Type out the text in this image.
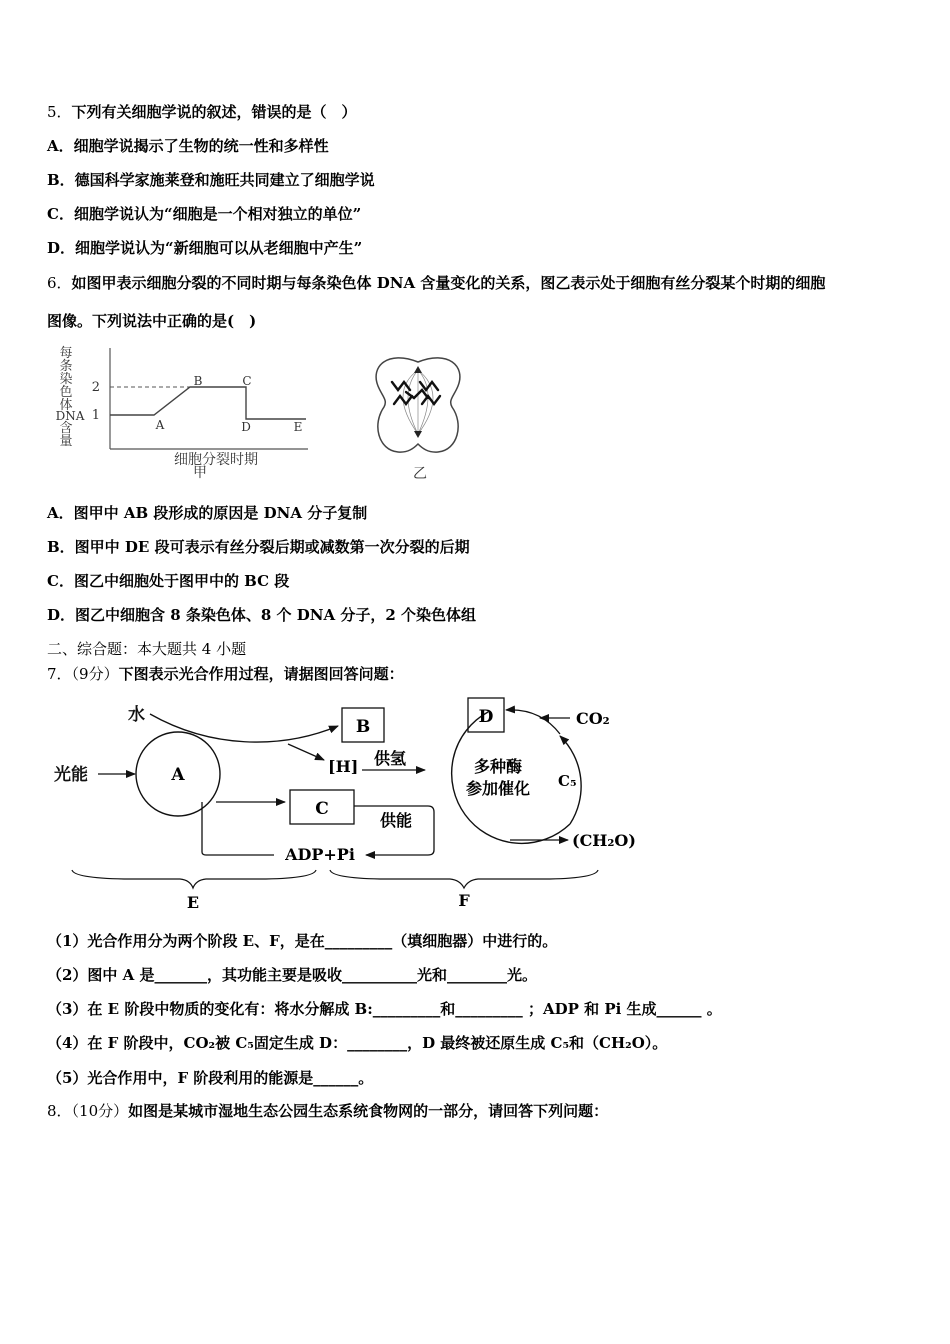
5．下列有关细胞学说的叙述，错误的是（　）
A．细胞学说揭示了生物的统一性和多样性
B．德国科学家施莱登和施旺共同建立了细胞学说
C．细胞学说认为“细胞是一个相对独立的单位”
D．细胞学说认为“新细胞可以从老细胞中产生”
6．如图甲表示细胞分裂的不同时期与每条染色体 DNA 含量变化的关系，图乙表示处于细胞有丝分裂某个时期的细胞
图像。下列说法中正确的是(　)
每
条
染
色
体
DNA
含
量
2
1
A
B	C
D	E
细胞分裂时期
甲	乙
A．图甲中 AB 段形成的原因是 DNA 分子复制
B．图甲中 DE 段可表示有丝分裂后期或减数第一次分裂的后期
C．图乙中细胞处于图甲中的 BC 段
D．图乙中细胞含 8 条染色体、8 个 DNA 分子，2 个染色体组
二、综合题：本大题共 4 小题
7．（9分）下图表示光合作用过程，请据图回答问题：
水
光能	A
B
[H] 供氢
C
供能
ADP+Pi
D	CO₂
C₅
多种酶
参加催化
(CH₂O)
E	F
（1）光合作用分为两个阶段 E、F，是在_________（填细胞器）中进行的。
（2）图中 A 是_______，其功能主要是吸收__________光和________光。
（3）在 E 阶段中物质的变化有：将水分解成 B:_________和_________ ；ADP 和 Pi 生成______ 。
（4）在 F 阶段中，CO₂被 C₅固定生成 D：________，D 最终被还原生成 C₅和（CH₂O）。
（5）光合作用中，F 阶段利用的能源是______。
8．（10分）如图是某城市湿地生态公园生态系统食物网的一部分，请回答下列问题：
